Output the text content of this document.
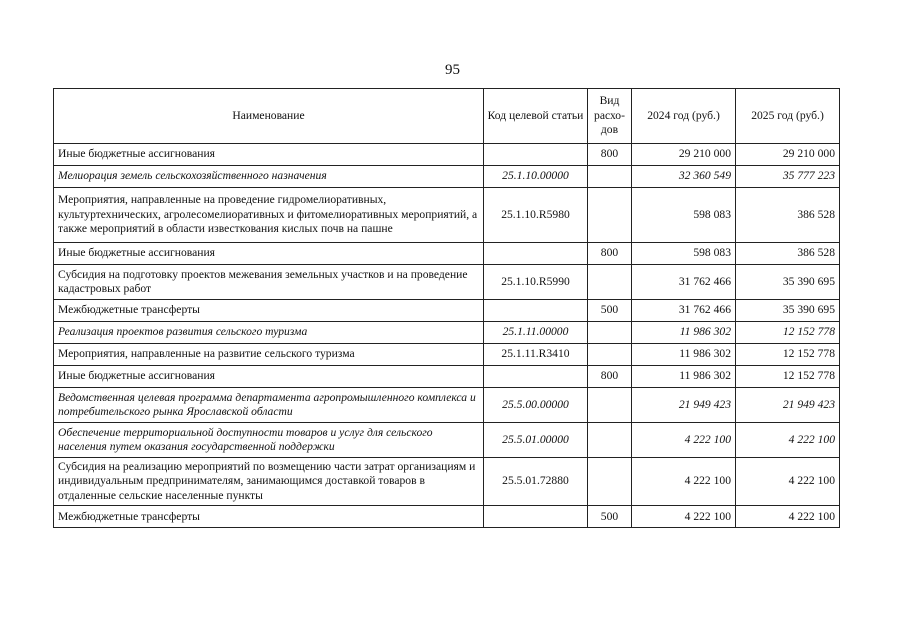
95
Наименование	Код целевой статьи	Вид расхо-дов	2024 год (руб.)	2025 год (руб.)
Иные бюджетные ассигнования		800	29 210 000	29 210 000
Мелиорация земель сельскохозяйственного назначения	25.1.10.00000		32 360 549	35 777 223
Мероприятия, направленные на проведение гидромелиоративных, культуртехнических, агролесомелиоративных и фитомелиоративных мероприятий, а также мероприятий в области известкования кислых почв на пашне	25.1.10.R5980		598 083	386 528
Иные бюджетные ассигнования		800	598 083	386 528
Субсидия на подготовку проектов межевания земельных участков и на проведение кадастровых работ	25.1.10.R5990		31 762 466	35 390 695
Межбюджетные трансферты		500	31 762 466	35 390 695
Реализация проектов развития сельского туризма	25.1.11.00000		11 986 302	12 152 778
Мероприятия, направленные на развитие сельского туризма	25.1.11.R3410		11 986 302	12 152 778
Иные бюджетные ассигнования		800	11 986 302	12 152 778
Ведомственная целевая программа департамента агропромышленного комплекса и потребительского рынка Ярославской области	25.5.00.00000		21 949 423	21 949 423
Обеспечение территориальной доступности товаров и услуг для сельского населения путем оказания государственной поддержки	25.5.01.00000		4 222 100	4 222 100
Субсидия на реализацию мероприятий по возмещению части затрат организациям и индивидуальным предпринимателям, занимающимся доставкой товаров в отдаленные сельские населенные пункты	25.5.01.72880		4 222 100	4 222 100
Межбюджетные трансферты		500	4 222 100	4 222 100
